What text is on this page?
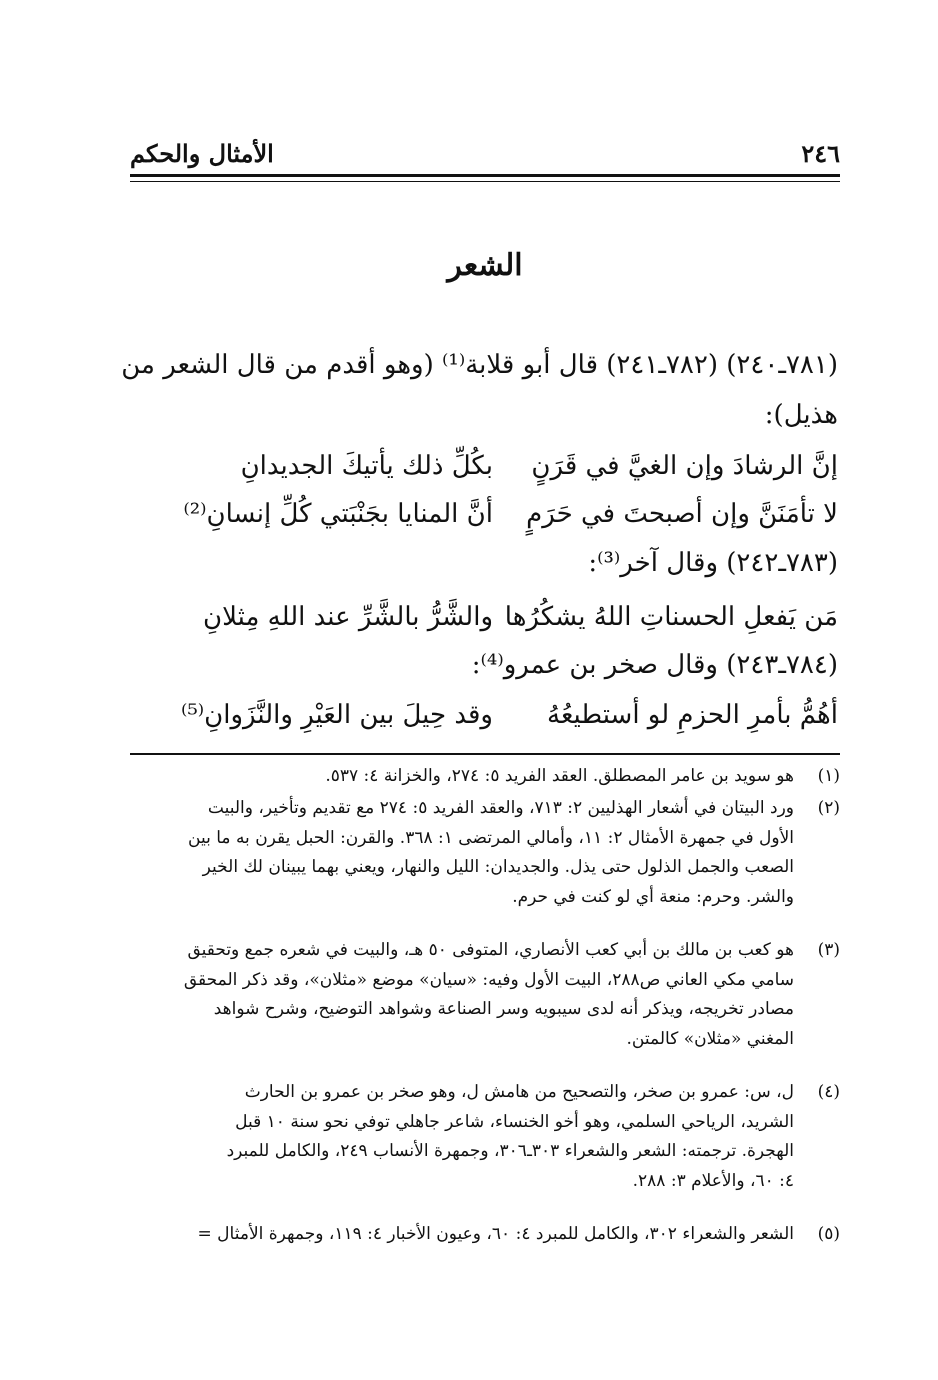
٢٤٦
الأمثال والحكم
الشعر
(٧٨١ـ٢٤٠) (٧٨٢ـ٢٤١) قال أبو قلابة⁽¹⁾ (وهو أقدم من قال الشعر من
هذيل):
إنَّ الرشادَ وإن الغيَّ في قَرَنٍ
بكُلِّ ذلك يأتيكَ الجديدانِ
لا تأمَنَنَّ وإن أصبحتَ في حَرَمٍ
أنَّ المنايا بجَنْبَتي كُلِّ إنسانِ⁽²⁾
(٧٨٣ـ٢٤٢) وقال آخر⁽³⁾:
مَن يَفعلِ الحسناتِ اللهُ يشكُرُها
والشَّرُّ بالشَّرِّ عند اللهِ مِثلانِ
(٧٨٤ـ٢٤٣) وقال صخر بن عمرو⁽⁴⁾:
أهُمُّ بأمرِ الحزمِ لو أستطيعُهُ
وقد حِيلَ بين العَيْرِ والنَّزَوانِ⁽⁵⁾
(١)
هو سويد بن عامر المصطلق. العقد الفريد ٥: ٢٧٤، والخزانة ٤: ٥٣٧.
(٢)
ورد البيتان في أشعار الهذليين ٢: ٧١٣، والعقد الفريد ٥: ٢٧٤ مع تقديم وتأخير، والبيت
الأول في جمهرة الأمثال ٢: ١١، وأمالي المرتضى ١: ٣٦٨. والقرن: الحبل يقرن به ما بين
الصعب والجمل الذلول حتى يذل. والجديدان: الليل والنهار، ويعني بهما يبينان لك الخير
والشر. وحرم: منعة أي لو كنت في حرم.
(٣)
هو كعب بن مالك بن أبي كعب الأنصاري، المتوفى ٥٠ هـ، والبيت في شعره جمع وتحقيق
سامي مكي العاني ص٢٨٨، البيت الأول وفيه: «سيان» موضع «مثلان»، وقد ذكر المحقق
مصادر تخريجه، ويذكر أنه لدى سيبويه وسر الصناعة وشواهد التوضيح، وشرح شواهد
المغني «مثلان» كالمتن.
(٤)
ل، س: عمرو بن صخر، والتصحيح من هامش ل، وهو صخر بن عمرو بن الحارث
الشريد، الرياحي السلمي، وهو أخو الخنساء، شاعر جاهلي توفي نحو سنة ١٠ قبل
الهجرة. ترجمته: الشعر والشعراء ٣٠٣ـ٣٠٦، وجمهرة الأنساب ٢٤٩، والكامل للمبرد
٤: ٦٠، والأعلام ٣: ٢٨٨.
(٥)
الشعر والشعراء ٣٠٢، والكامل للمبرد ٤: ٦٠، وعيون الأخبار ٤: ١١٩، وجمهرة الأمثال =
